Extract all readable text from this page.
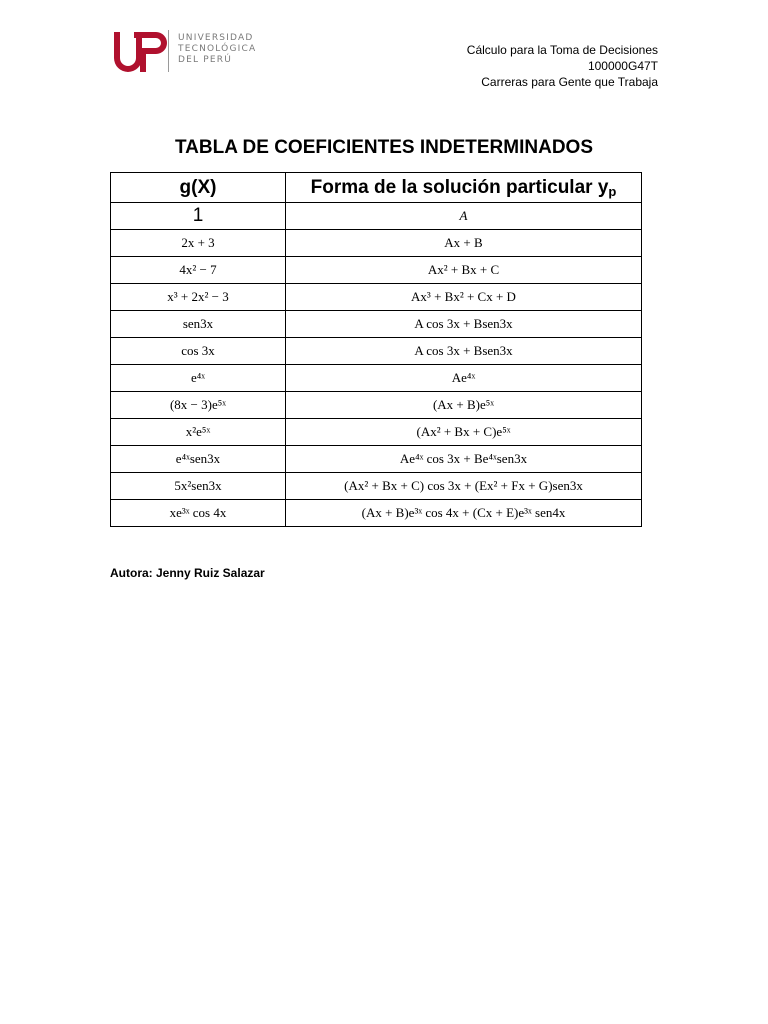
UNIVERSIDAD
TECNOLÓGICA
DEL PERÚ
Cálculo para la Toma de Decisiones
100000G47T
Carreras para Gente que Trabaja
TABLA DE COEFICIENTES INDETERMINADOS
g(X)	Forma de la solución particular $y_p$
1	A
2x + 3	Ax + B
4x² − 7	Ax² + Bx + C
x³ + 2x² − 3	Ax³ + Bx² + Cx + D
sen3x	A cos 3x + Bsen3x
cos 3x	A cos 3x + Bsen3x
e⁴ˣ	Ae⁴ˣ
(8x − 3)e⁵ˣ	(Ax + B)e⁵ˣ
x²e⁵ˣ	(Ax² + Bx + C)e⁵ˣ
e⁴ˣsen3x	Ae⁴ˣ cos 3x + Be⁴ˣsen3x
5x²sen3x	(Ax² + Bx + C) cos 3x + (Ex² + Fx + G)sen3x
xe³ˣ cos 4x	(Ax + B)e³ˣ cos 4x + (Cx + E)e³ˣ sen4x
Autora: Jenny Ruiz Salazar
